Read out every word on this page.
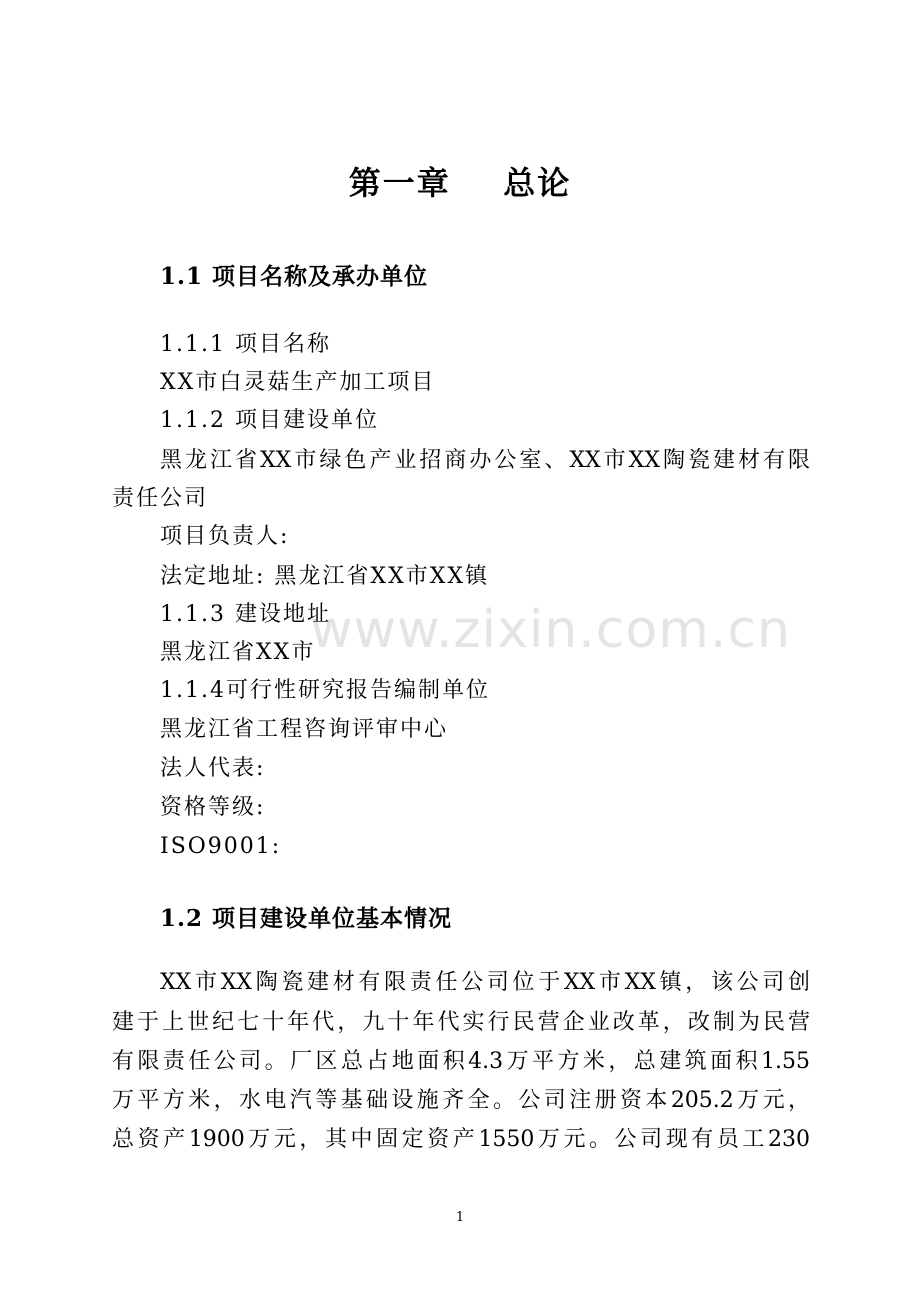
www.zixin.com.cn
第一章    总论
1.1 项目名称及承办单位
1.1.1 项目名称
XX市白灵菇生产加工项目
1.1.2 项目建设单位
黑龙江省XX市绿色产业招商办公室、XX市XX陶瓷建材有限
责任公司
项目负责人:
法定地址: 黑龙江省XX市XX镇
1.1.3 建设地址
黑龙江省XX市
1.1.4可行性研究报告编制单位
黑龙江省工程咨询评审中心
法人代表:
资格等级:
ISO9001:
1.2 项目建设单位基本情况
XX市XX陶瓷建材有限责任公司位于XX市XX镇，该公司创
建于上世纪七十年代，九十年代实行民营企业改革，改制为民营
有限责任公司。厂区总占地面积4.3万平方米，总建筑面积1.55
万平方米，水电汽等基础设施齐全。公司注册资本205.2万元，
总资产1900万元，其中固定资产1550万元。公司现有员工230
1
